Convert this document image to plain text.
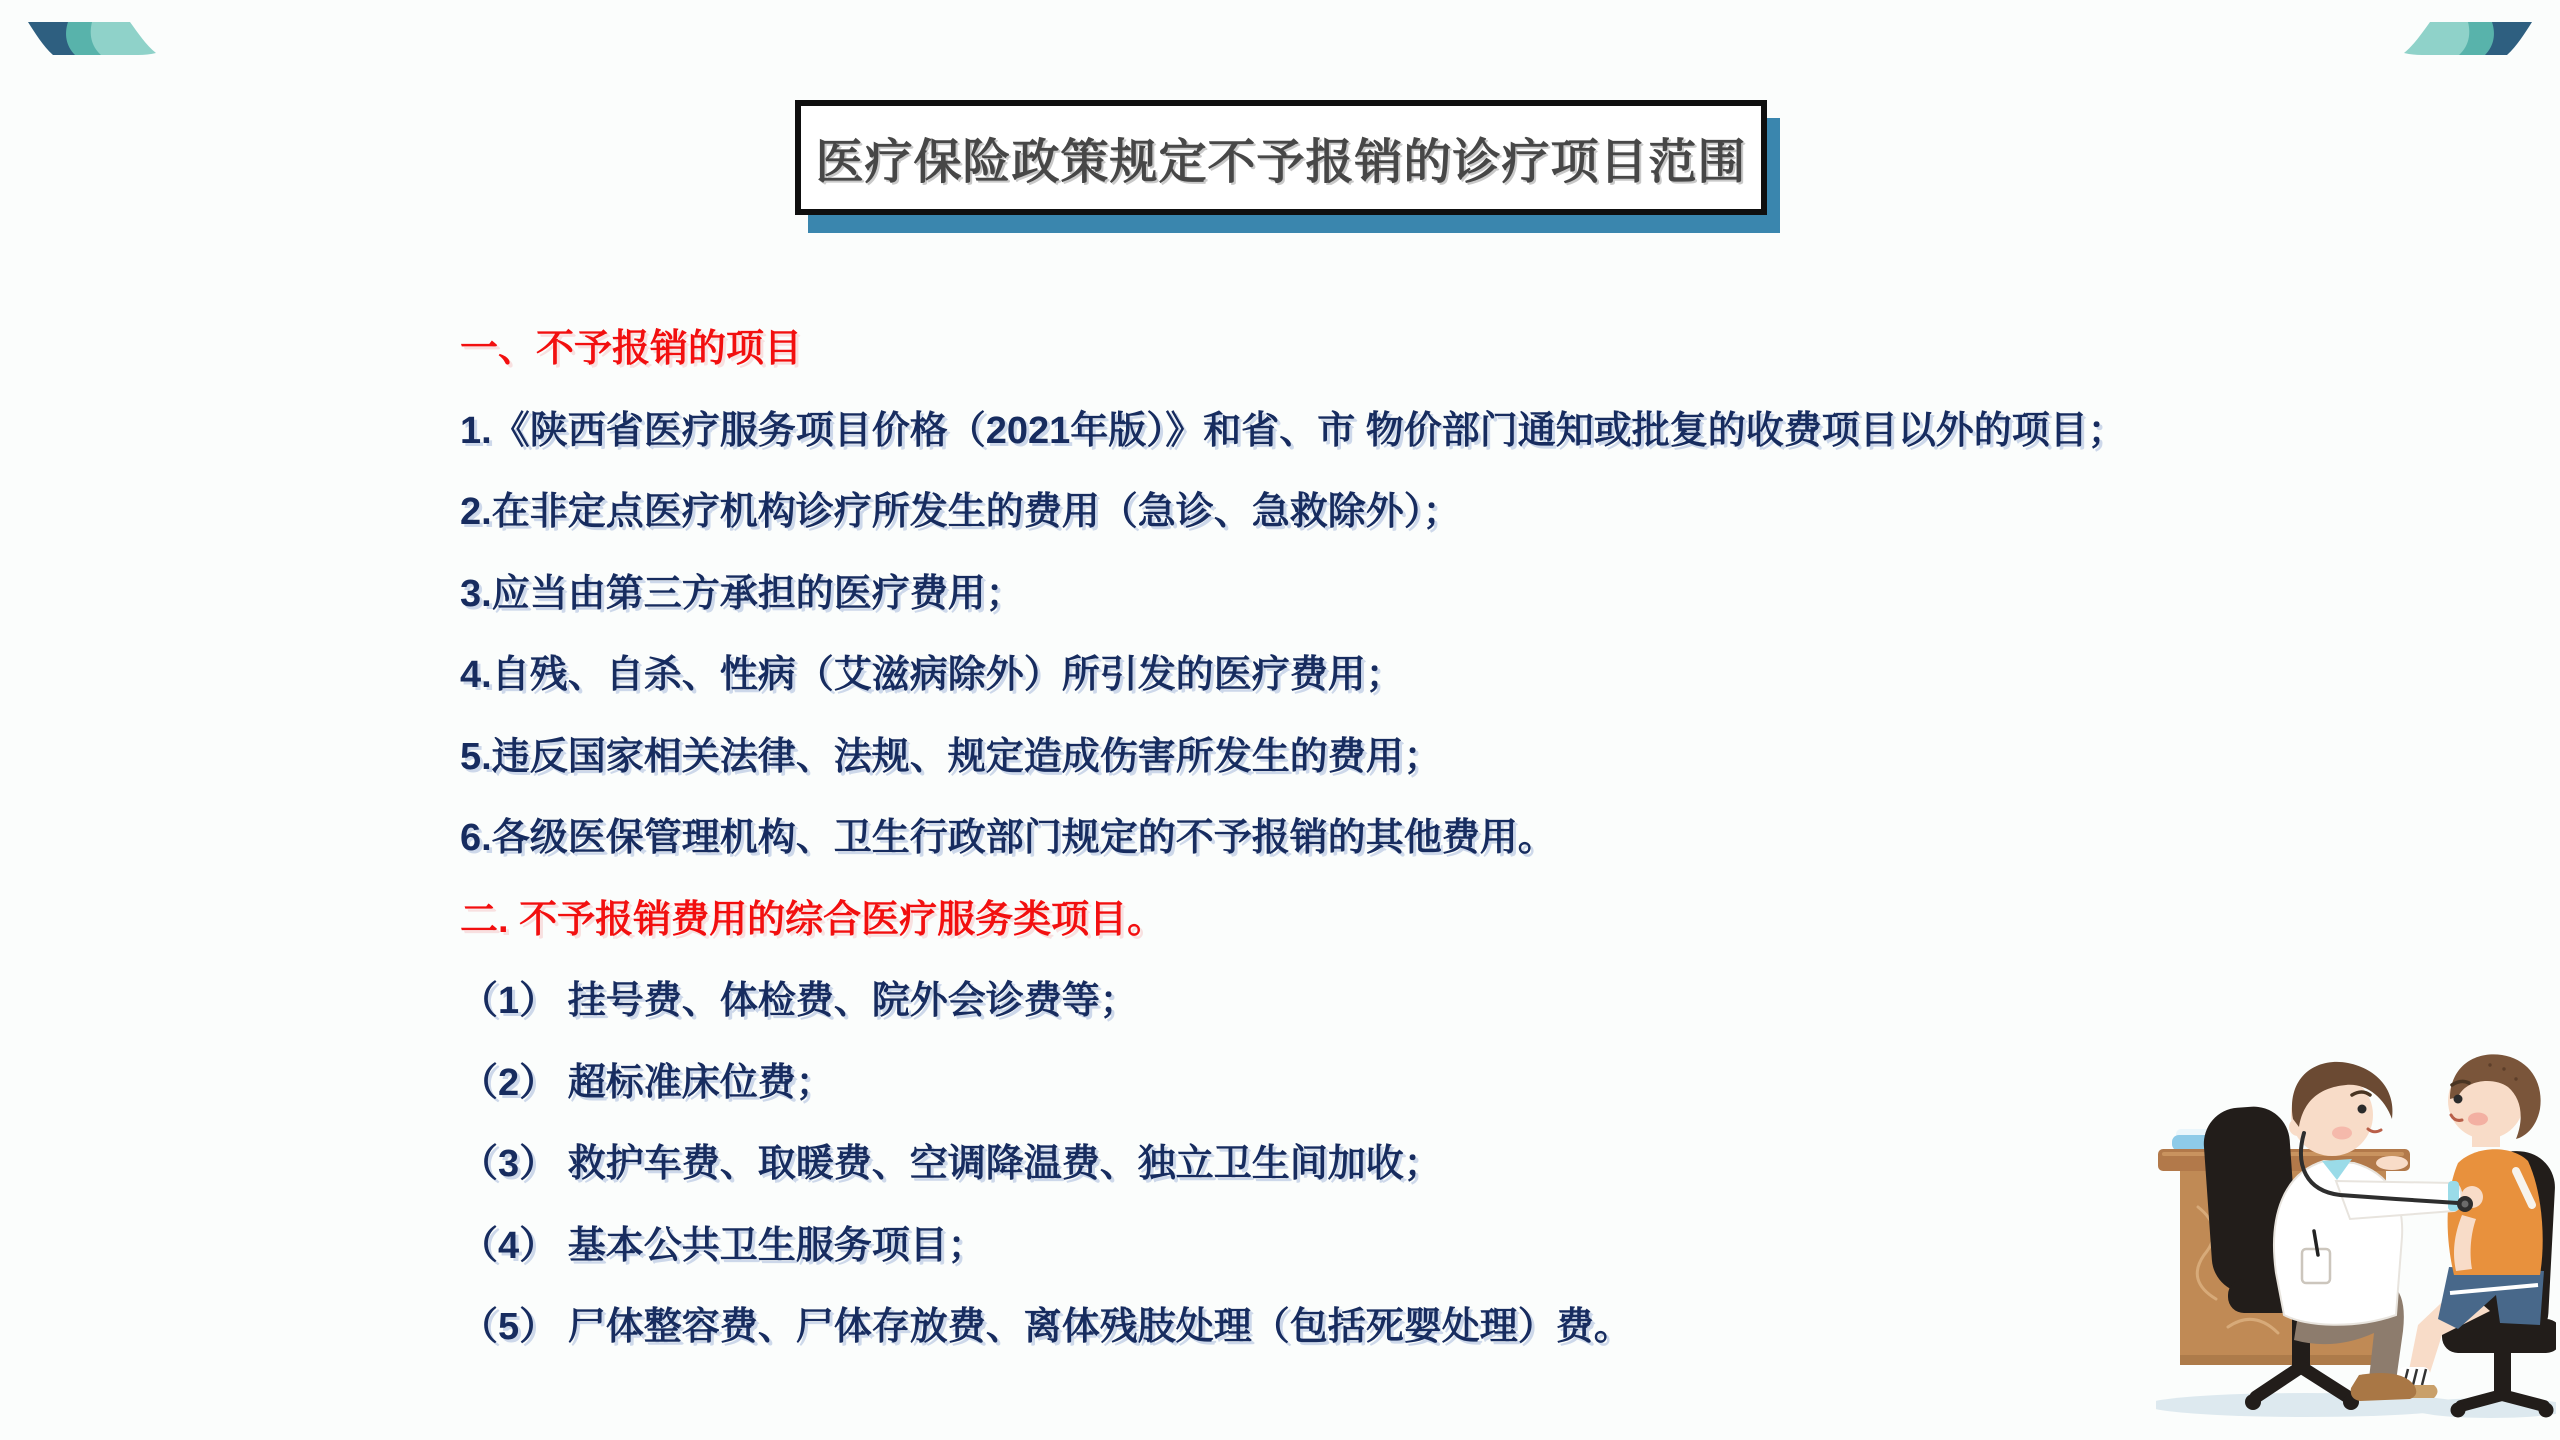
医疗保险政策规定不予报销的诊疗项目范围
一、不予报销的项目
1.《陕西省医疗服务项目价格（2021年版）》和省、市 物价部门通知或批复的收费项目以外的项目；
2.在非定点医疗机构诊疗所发生的费用（急诊、急救除外）；
3.应当由第三方承担的医疗费用；
4.自残、自杀、性病（艾滋病除外）所引发的医疗费用；
5.违反国家相关法律、法规、规定造成伤害所发生的费用；
6.各级医保管理机构、卫生行政部门规定的不予报销的其他费用。
二. 不予报销费用的综合医疗服务类项目。
（1） 挂号费、体检费、院外会诊费等；
（2） 超标准床位费；
（3） 救护车费、取暖费、空调降温费、独立卫生间加收；
（4） 基本公共卫生服务项目；
（5） 尸体整容费、尸体存放费、离体残肢处理（包括死婴处理）费。
